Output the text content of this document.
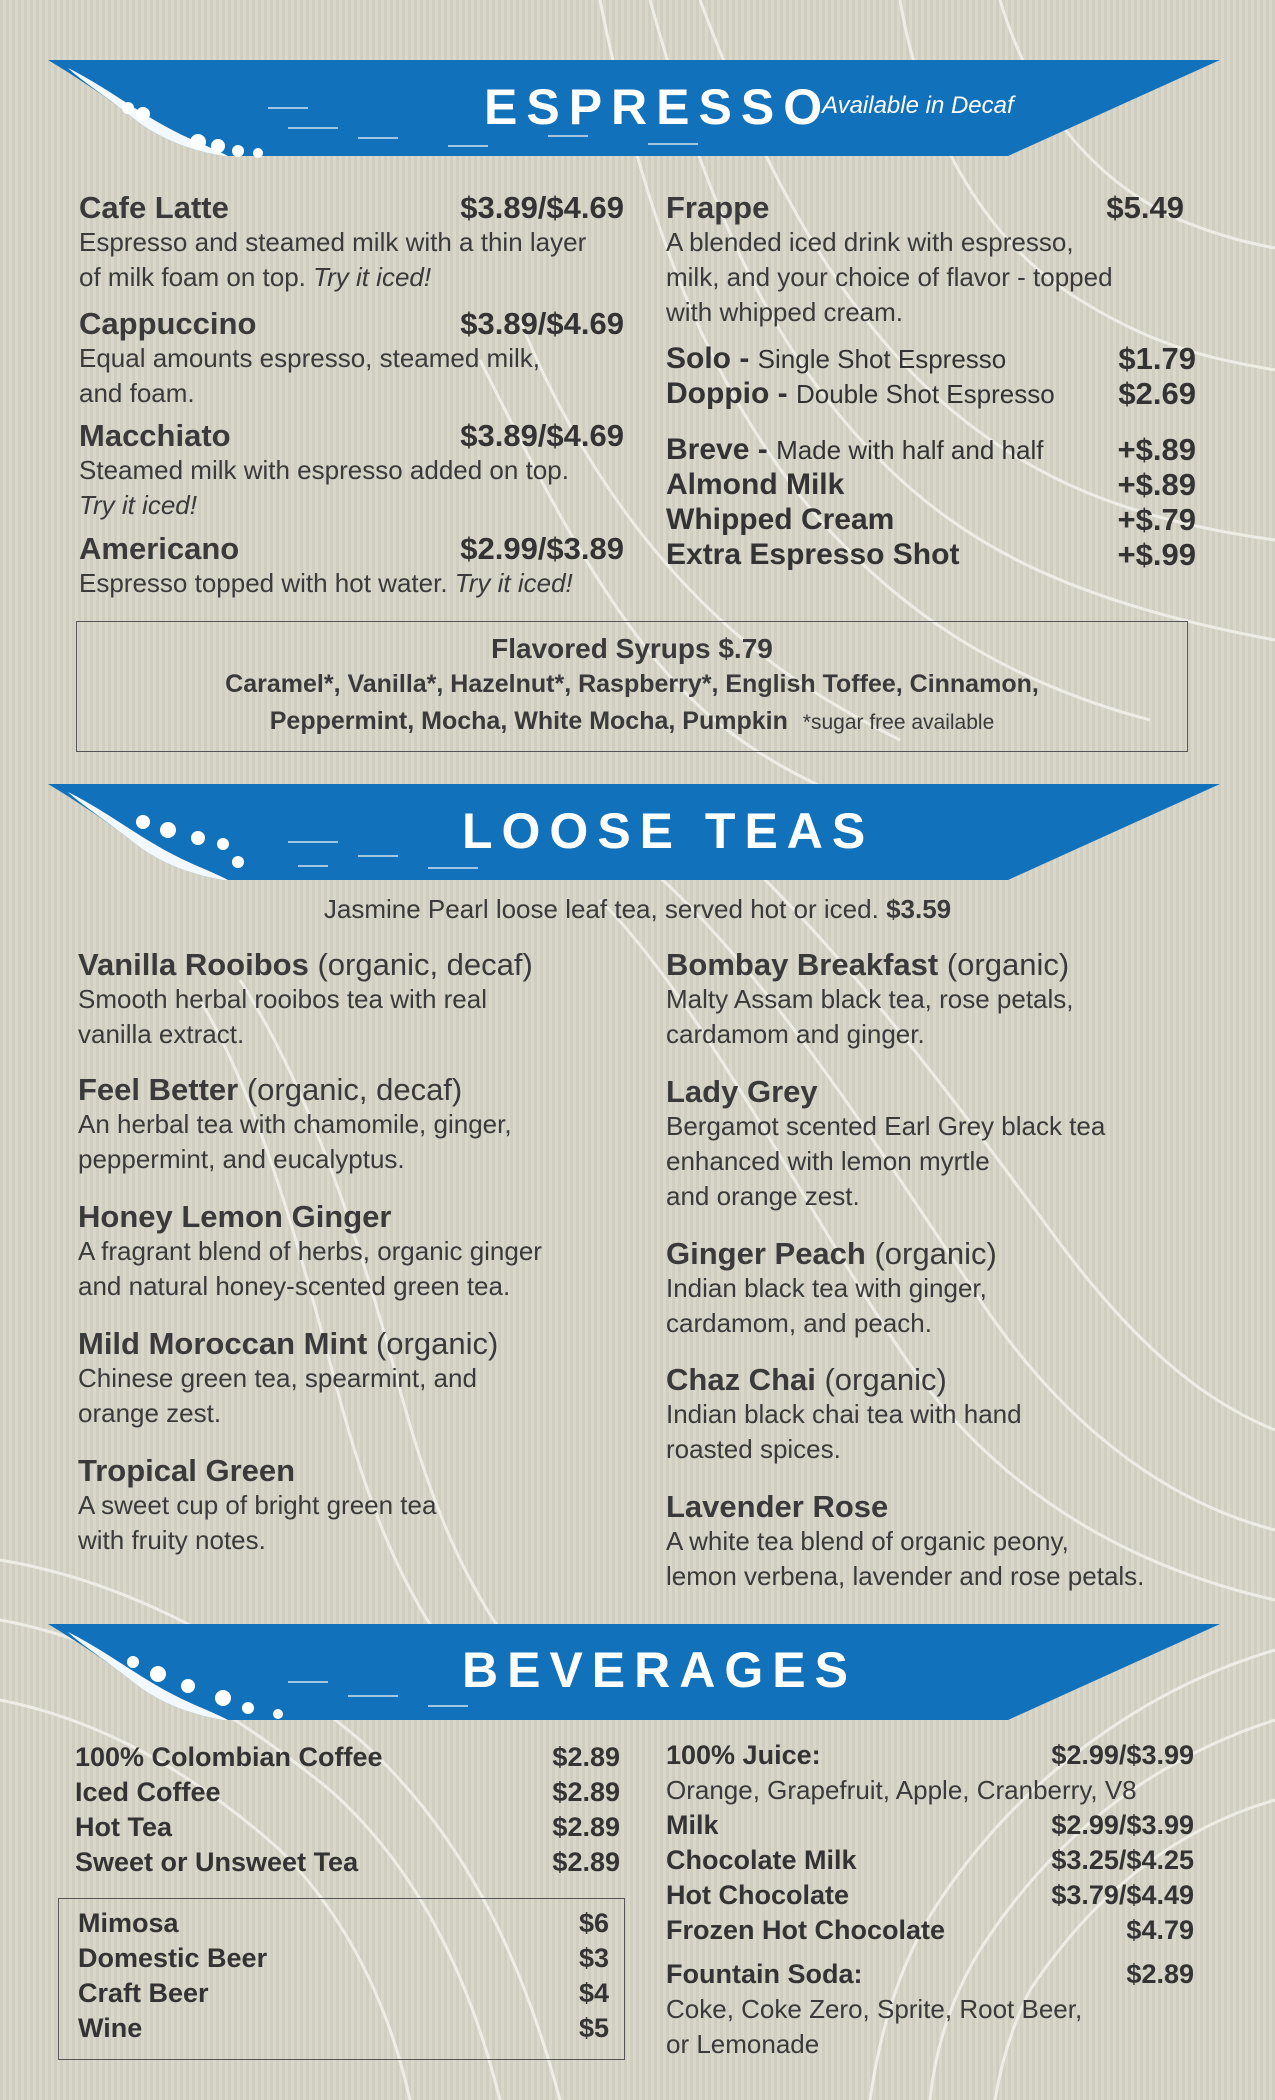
ESPRESSO
Available in Decaf
Cafe Latte	$3.89/$4.69
Espresso and steamed milk with a thin layer
of milk foam on top. Try it iced!
Cappuccino	$3.89/$4.69
Equal amounts espresso, steamed milk,
and foam.
Macchiato	$3.89/$4.69
Steamed milk with espresso added on top.
Try it iced!
Americano	$2.99/$3.89
Espresso topped with hot water. Try it iced!
Frappe	$5.49
A blended iced drink with espresso,
milk, and your choice of flavor - topped
with whipped cream.
Solo - Single Shot Espresso	$1.79
Doppio - Double Shot Espresso $2.69
Breve - Made with half and half +$.89
Almond Milk	+$.89
Whipped Cream	+$.79
Extra Espresso Shot	+$.99
Flavored Syrups $.79
Caramel*, Vanilla*, Hazelnut*, Raspberry*, English Toffee, Cinnamon,
Peppermint, Mocha, White Mocha, Pumpkin *sugar free available
LOOSE TEAS
Jasmine Pearl loose leaf tea, served hot or iced. $3.59
Vanilla Rooibos (organic, decaf)
Smooth herbal rooibos tea with real
vanilla extract.
Feel Better (organic, decaf)
An herbal tea with chamomile, ginger,
peppermint, and eucalyptus.
Honey Lemon Ginger
A fragrant blend of herbs, organic ginger
and natural honey-scented green tea.
Mild Moroccan Mint (organic)
Chinese green tea, spearmint, and
orange zest.
Tropical Green
A sweet cup of bright green tea
with fruity notes.
Bombay Breakfast (organic)
Malty Assam black tea, rose petals,
cardamom and ginger.
Lady Grey
Bergamot scented Earl Grey black tea
enhanced with lemon myrtle
and orange zest.
Ginger Peach (organic)
Indian black tea with ginger,
cardamom, and peach.
Chaz Chai (organic)
Indian black chai tea with hand
roasted spices.
Lavender Rose
A white tea blend of organic peony,
lemon verbena, lavender and rose petals.
BEVERAGES
100% Colombian Coffee	$2.89
Iced Coffee	$2.89
Hot Tea	$2.89
Sweet or Unsweet Tea	$2.89
Mimosa	$6
Domestic Beer	$3
Craft Beer	$4
Wine	$5
100% Juice:	$2.99/$3.99
Orange, Grapefruit, Apple, Cranberry, V8
Milk	$2.99/$3.99
Chocolate Milk	$3.25/$4.25
Hot Chocolate	$3.79/$4.49
Frozen Hot Chocolate	$4.79
Fountain Soda:	$2.89
Coke, Coke Zero, Sprite, Root Beer,
or Lemonade
